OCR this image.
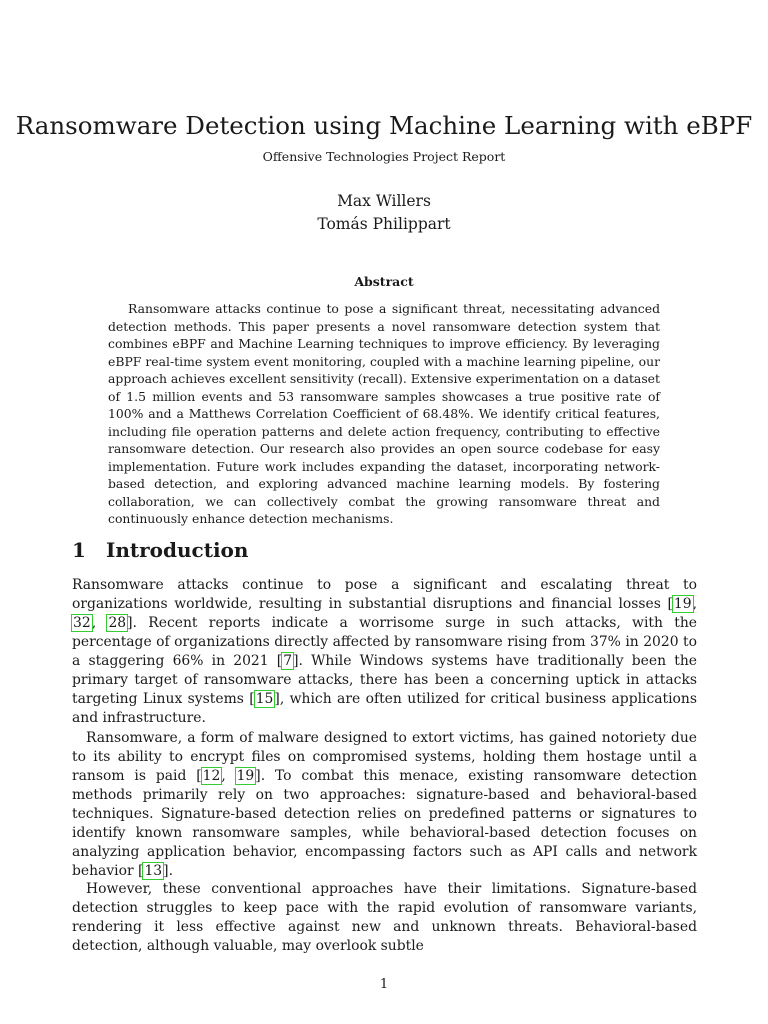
Ransomware Detection using Machine Learning with eBPF
Offensive Technologies Project Report
Max Willers
Tomás Philippart
Abstract

Ransomware attacks continue to pose a significant threat, necessitating advanced detection methods. This paper presents a novel ransomware detection system that combines eBPF and Machine Learning techniques to improve efficiency. By leveraging eBPF real-time system event monitoring, coupled with a machine learning pipeline, our approach achieves excellent sensitivity (recall). Extensive experimentation on a dataset of 1.5 million events and 53 ransomware samples showcases a true positive rate of 100% and a Matthews Correlation Coefficient of 68.48%. We identify critical features, including file operation patterns and delete action frequency, contributing to effective ransomware detection. Our research also provides an open source codebase for easy implementation. Future work includes expanding the dataset, incorporating network-based detection, and exploring advanced machine learning models. By fostering collaboration, we can collectively combat the growing ransomware threat and continuously enhance detection mechanisms.

1 Introduction

Ransomware attacks continue to pose a significant and escalating threat to organizations worldwide, resulting in substantial disruptions and financial losses [19, 32, 28]. Recent reports indicate a worrisome surge in such attacks, with the percentage of organizations directly affected by ransomware rising from 37% in 2020 to a staggering 66% in 2021 [7]. While Windows systems have traditionally been the primary target of ransomware attacks, there has been a concerning uptick in attacks targeting Linux systems [15], which are often utilized for critical business applications and infrastructure.

Ransomware, a form of malware designed to extort victims, has gained notoriety due to its ability to encrypt files on compromised systems, holding them hostage until a ransom is paid [12, 19]. To combat this menace, existing ransomware detection methods primarily rely on two approaches: signature-based and behavioral-based techniques. Signature-based detection relies on predefined patterns or signatures to identify known ransomware samples, while behavioral-based detection focuses on analyzing application behavior, encompassing factors such as API calls and network behavior [13].

However, these conventional approaches have their limitations. Signature-based detection struggles to keep pace with the rapid evolution of ransomware variants, rendering it less effective against new and unknown threats. Behavioral-based detection, although valuable, may overlook subtle

1
